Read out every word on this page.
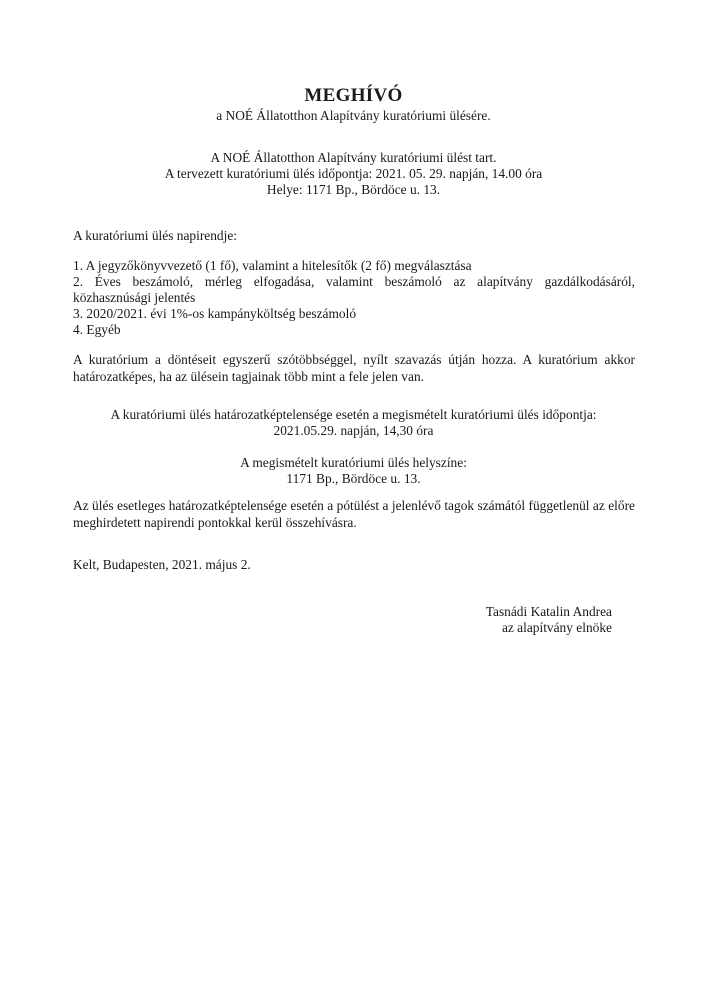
MEGHÍVÓ
a NOÉ Állatotthon Alapítvány kuratóriumi ülésére.
A NOÉ Állatotthon Alapítvány kuratóriumi ülést tart.
A tervezett kuratóriumi ülés időpontja: 2021. 05. 29. napján, 14.00 óra
Helye: 1171 Bp., Bördöce u. 13.
A kuratóriumi ülés napirendje:
1. A jegyzőkönyvvezető (1 fő), valamint a hitelesítők (2 fő) megválasztása
2. Éves beszámoló, mérleg elfogadása, valamint beszámoló az alapítvány gazdálkodásáról, közhasznúsági jelentés
3. 2020/2021. évi 1%-os kampányköltség beszámoló
4. Egyéb
A kuratórium a döntéseit egyszerű szótöbbséggel, nyílt szavazás útján hozza. A kuratórium akkor határozatképes, ha az ülésein tagjainak több mint a fele jelen van.
A kuratóriumi ülés határozatképtelensége esetén a megismételt kuratóriumi ülés időpontja:
2021.05.29. napján, 14,30 óra
A megismételt kuratóriumi ülés helyszíne:
1171 Bp., Bördöce u. 13.
Az ülés esetleges határozatképtelensége esetén a pótülést a jelenlévő tagok számától függetlenül az előre meghirdetett napirendi pontokkal kerül összehívásra.
Kelt, Budapesten, 2021. május 2.
Tasnádi Katalin Andrea
az alapítvány elnöke
